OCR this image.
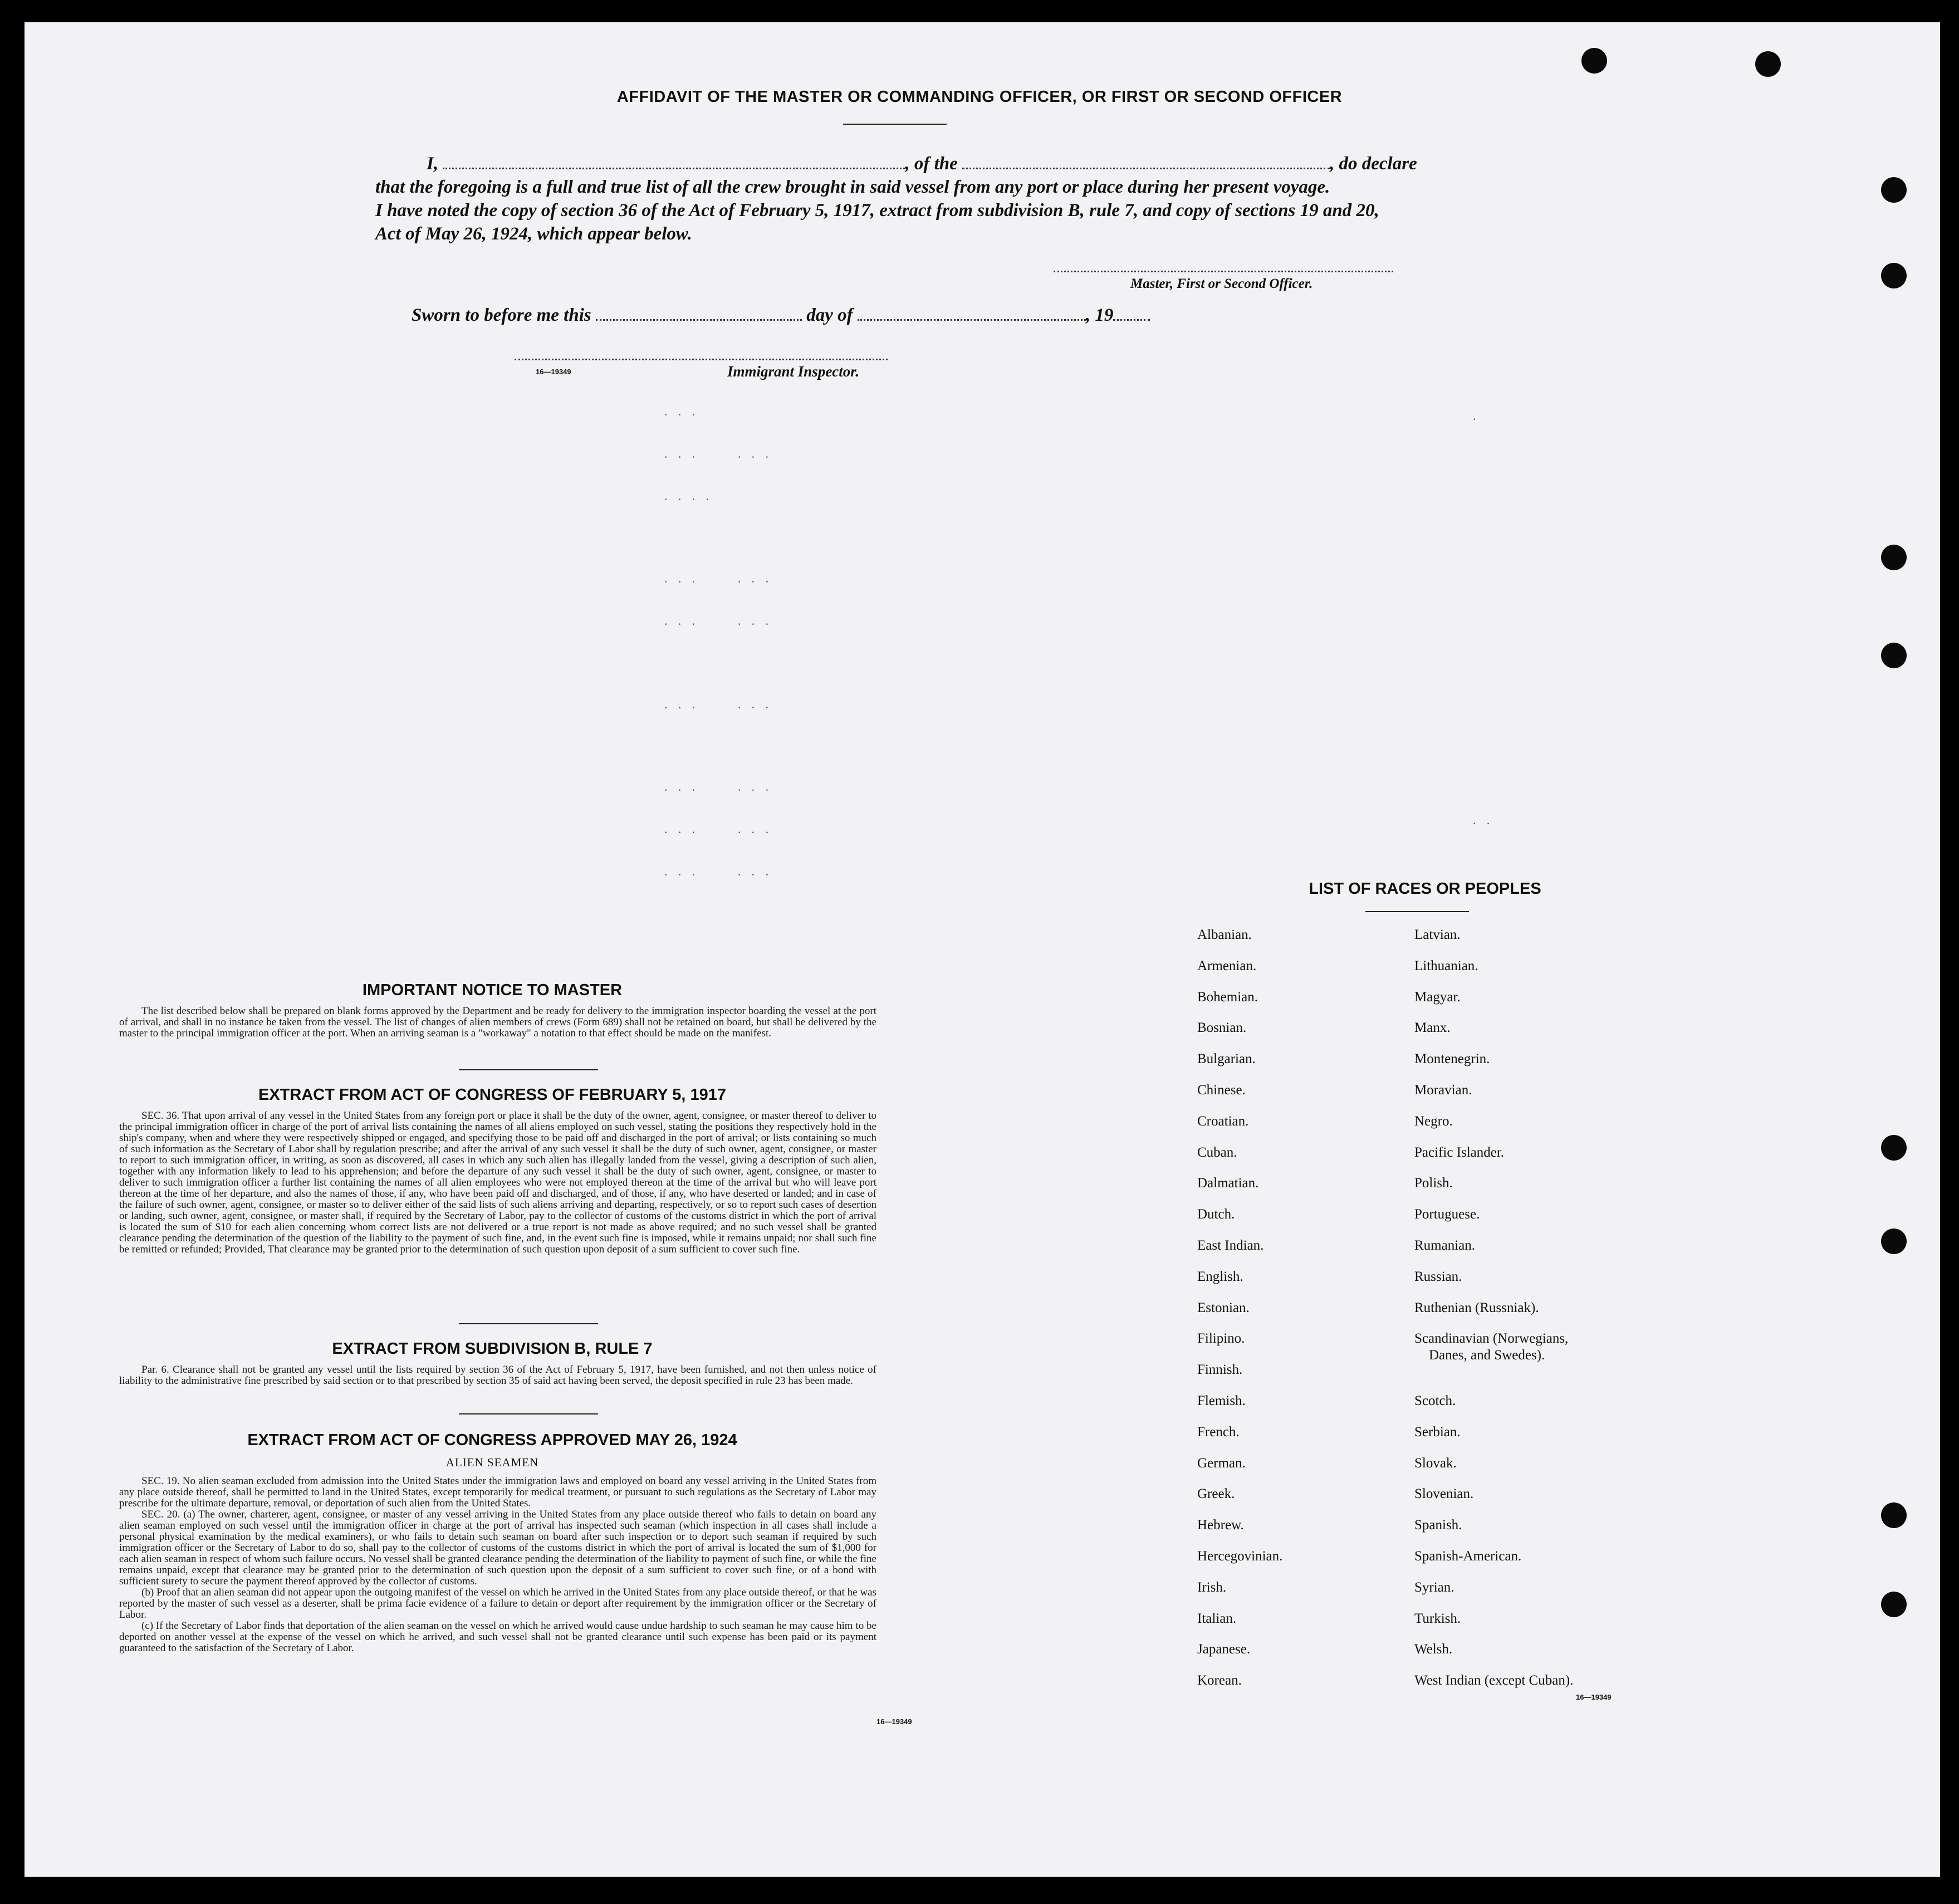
AFFIDAVIT OF THE MASTER OR COMMANDING OFFICER, OR FIRST OR SECOND OFFICER
I,	, of the	, do declare
that the foregoing is a full and true list of all the crew brought in said vessel from any port or place during her present voyage.
I have noted the copy of section 36 of the Act of February 5, 1917, extract from subdivision B, rule 7, and copy of sections 19 and 20,
Act of May 26, 1924, which appear below.
Master, First or Second Officer.
Sworn to before me this	day of	, 19
16—19349	Immigrant Inspector.
· · ·
· · ·      · · ·
· · · ·
· · ·      · · ·
· · ·      · · ·
· · ·      · · ·
· · ·      · · ·
· · ·      · · ·
· · ·      · · ·
·
· ·
IMPORTANT NOTICE TO MASTER

The list described below shall be prepared on blank forms approved by the Department and be ready for delivery to the immigration inspector boarding the vessel at the port of arrival, and shall in no instance be taken from the vessel. The list of changes of alien members of crews (Form 689) shall not be retained on board, but shall be delivered by the master to the principal immigration officer at the port. When an arriving seaman is a "workaway" a notation to that effect should be made on the manifest.

EXTRACT FROM ACT OF CONGRESS OF FEBRUARY 5, 1917

SEC. 36. That upon arrival of any vessel in the United States from any foreign port or place it shall be the duty of the owner, agent, consignee, or master thereof to deliver to the principal immigration officer in charge of the port of arrival lists containing the names of all aliens employed on such vessel, stating the positions they respectively hold in the ship's company, when and where they were respectively shipped or engaged, and specifying those to be paid off and discharged in the port of arrival; or lists containing so much of such information as the Secretary of Labor shall by regulation prescribe; and after the arrival of any such vessel it shall be the duty of such owner, agent, consignee, or master to report to such immigration officer, in writing, as soon as discovered, all cases in which any such alien has illegally landed from the vessel, giving a description of such alien, together with any information likely to lead to his apprehension; and before the departure of any such vessel it shall be the duty of such owner, agent, consignee, or master to deliver to such immigration officer a further list containing the names of all alien employees who were not employed thereon at the time of the arrival but who will leave port thereon at the time of her departure, and also the names of those, if any, who have been paid off and discharged, and of those, if any, who have deserted or landed; and in case of the failure of such owner, agent, consignee, or master so to deliver either of the said lists of such aliens arriving and departing, respectively, or so to report such cases of desertion or landing, such owner, agent, consignee, or master shall, if required by the Secretary of Labor, pay to the collector of customs of the customs district in which the port of arrival is located the sum of $10 for each alien concerning whom correct lists are not delivered or a true report is not made as above required; and no such vessel shall be granted clearance pending the determination of the question of the liability to the payment of such fine, and, in the event such fine is imposed, while it remains unpaid; nor shall such fine be remitted or refunded; Provided, That clearance may be granted prior to the determination of such question upon deposit of a sum sufficient to cover such fine.

EXTRACT FROM SUBDIVISION B, RULE 7

Par. 6. Clearance shall not be granted any vessel until the lists required by section 36 of the Act of February 5, 1917, have been furnished, and not then unless notice of liability to the administrative fine prescribed by said section or to that prescribed by section 35 of said act having been served, the deposit specified in rule 23 has been made.

EXTRACT FROM ACT OF CONGRESS APPROVED MAY 26, 1924
ALIEN SEAMEN

SEC. 19. No alien seaman excluded from admission into the United States under the immigration laws and employed on board any vessel arriving in the United States from any place outside thereof, shall be permitted to land in the United States, except temporarily for medical treatment, or pursuant to such regulations as the Secretary of Labor may prescribe for the ultimate departure, removal, or deportation of such alien from the United States.

SEC. 20. (a) The owner, charterer, agent, consignee, or master of any vessel arriving in the United States from any place outside thereof who fails to detain on board any alien seaman employed on such vessel until the immigration officer in charge at the port of arrival has inspected such seaman (which inspection in all cases shall include a personal physical examination by the medical examiners), or who fails to detain such seaman on board after such inspection or to deport such seaman if required by such immigration officer or the Secretary of Labor to do so, shall pay to the collector of customs of the customs district in which the port of arrival is located the sum of $1,000 for each alien seaman in respect of whom such failure occurs. No vessel shall be granted clearance pending the determination of the liability to payment of such fine, or while the fine remains unpaid, except that clearance may be granted prior to the determination of such question upon the deposit of a sum sufficient to cover such fine, or of a bond with sufficient surety to secure the payment thereof approved by the collector of customs.

(b) Proof that an alien seaman did not appear upon the outgoing manifest of the vessel on which he arrived in the United States from any place outside thereof, or that he was reported by the master of such vessel as a deserter, shall be prima facie evidence of a failure to detain or deport after requirement by the immigration officer or the Secretary of Labor.

(c) If the Secretary of Labor finds that deportation of the alien seaman on the vessel on which he arrived would cause undue hardship to such seaman he may cause him to be deported on another vessel at the expense of the vessel on which he arrived, and such vessel shall not be granted clearance until such expense has been paid or its payment guaranteed to the satisfaction of the Secretary of Labor.

16—19349
LIST OF RACES OR PEOPLES
Albanian.
Armenian.
Bohemian.
Bosnian.
Bulgarian.
Chinese.
Croatian.
Cuban.
Dalmatian.
Dutch.
East Indian.
English.
Estonian.
Filipino.
Finnish.
Flemish.
French.
German.
Greek.
Hebrew.
Hercegovinian.
Irish.
Italian.
Japanese.
Korean.
Latvian.
Lithuanian.
Magyar.
Manx.
Montenegrin.
Moravian.
Negro.
Pacific Islander.
Polish.
Portuguese.
Rumanian.
Russian.
Ruthenian (Russniak).
Scandinavian (Norwegians,
Danes, and Swedes).
Scotch.
Serbian.
Slovak.
Slovenian.
Spanish.
Spanish-American.
Syrian.
Turkish.
Welsh.
West Indian (except Cuban).
16—19349
